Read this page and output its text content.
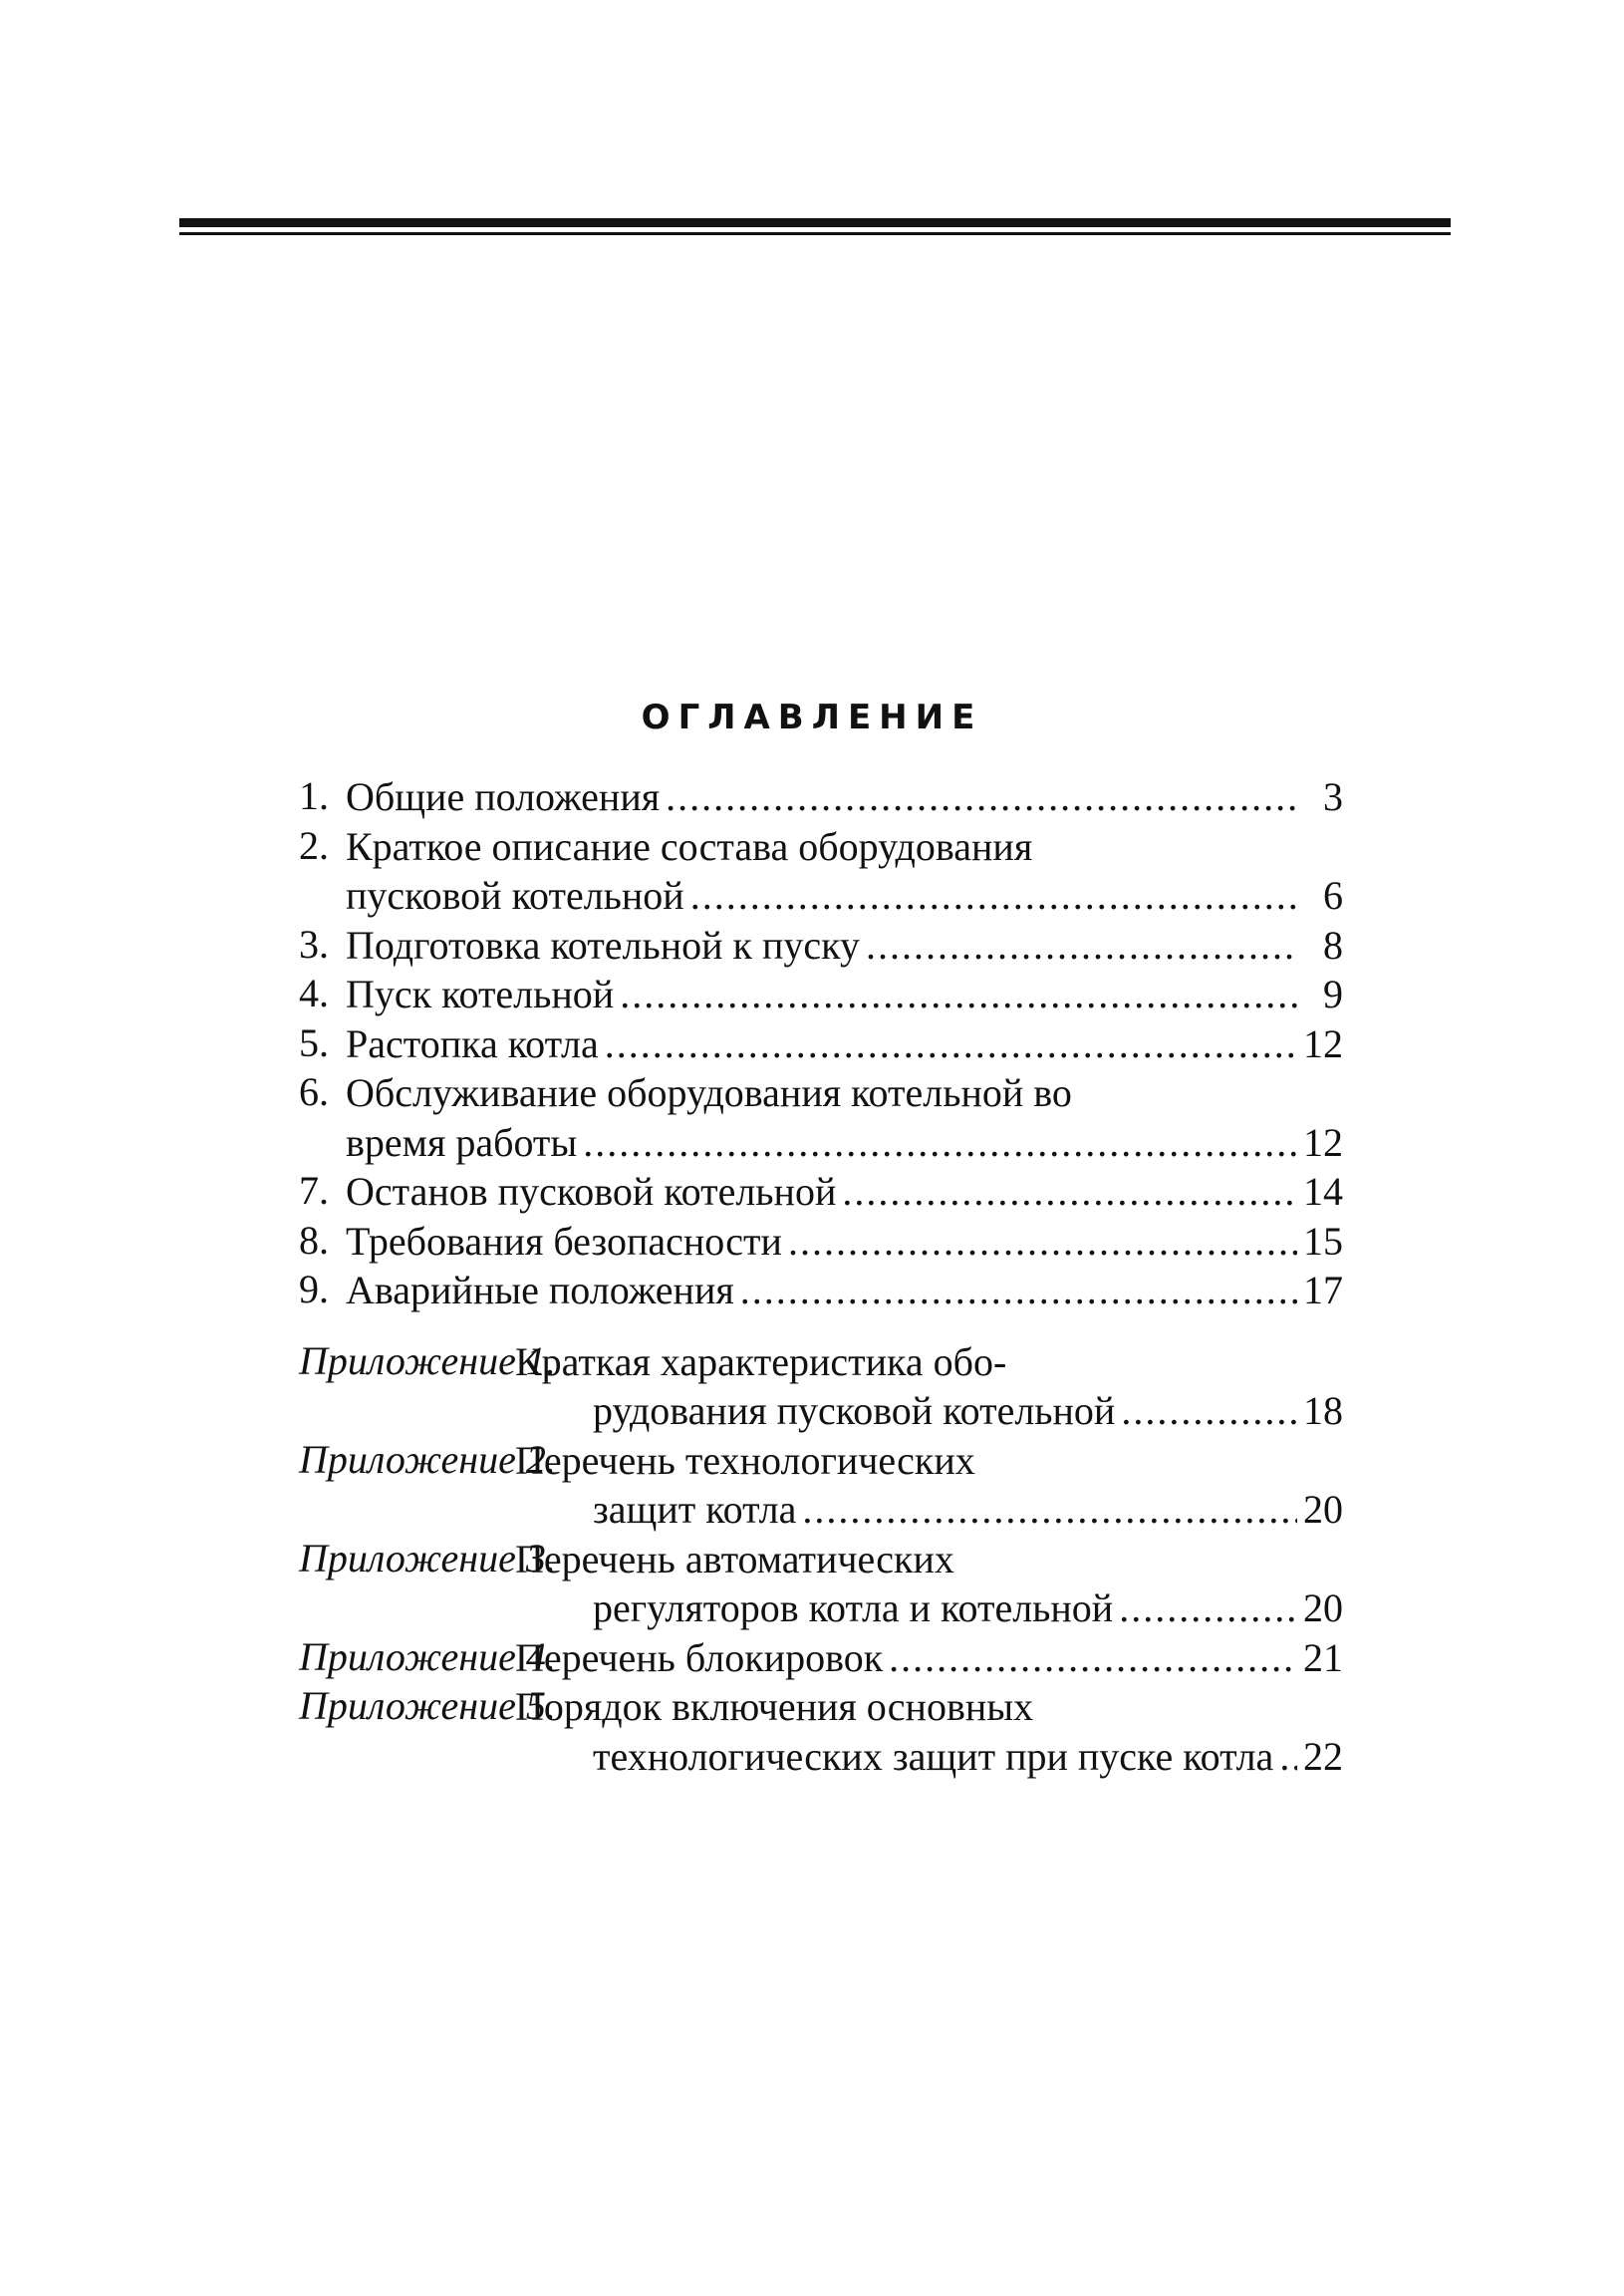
ОГЛАВЛЕНИЕ
1. Общие положения .....	3
2. Краткое описание состава оборудования
пусковой котельной .....	6
3. Подготовка котельной к пуску .....	8
4. Пуск котельной .....	9
5. Растопка котла .....	12
6. Обслуживание оборудования котельной во
время работы .....	12
7. Останов пусковой котельной .....	14
8. Требования безопасности .....	15
9. Аварийные положения .....	17
Приложение 1.
Краткая характеристика обо-
рудования пусковой котельной .....	18
Приложение 2.
Перечень технологических
защит котла .....	20
Приложение 3.
Перечень автоматических
регуляторов котла и котельной .....	20
Приложение 4.
Перечень блокировок .....	21
Приложение 5.
Порядок включения основных
технологических защит при пуске котла ..... 22
